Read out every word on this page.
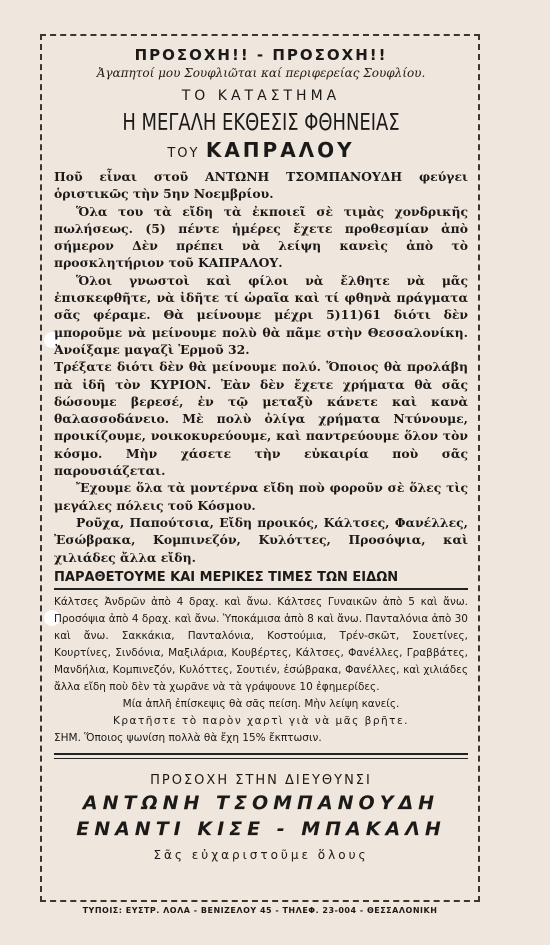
ΠΡΟΣΟΧΗ!! - ΠΡΟΣΟΧΗ!!

Ἀγαπητοί μου Σουφλιῶται καί περιφερείας Σουφλίου.

ΤΟ ΚΑΤΑΣΤΗΜΑ

Η ΜΕΓΑΛΗ ΕΚΘΕΣΙΣ ΦΘΗΝΕΙΑΣ

ΤΟΥ ΚΑΠΡΑΛΟΥ

Ποῦ εἶναι στοῦ ΑΝΤΩΝΗ ΤΣΟΜΠΑΝΟΥΔΗ φεύγει ὁριστικῶς τὴν 5ην Νοεμβρίου.

Ὅλα του τὰ εἴδη τὰ ἐκποιεῖ σὲ τιμὰς χονδρικῆς πωλήσεως. (5) πέντε ἡμέρες ἔχετε προθεσμίαν ἀπὸ σήμερον Δὲν πρέπει νὰ λείψη κανεὶς ἀπὸ τὸ προσκλητήριον τοῦ ΚΑΠΡΑΛΟΥ.

Ὅλοι γνωστοὶ καὶ φίλοι νὰ ἔλθητε νὰ μᾶς ἐπισκεφθῆτε, νὰ ἰδῆτε τί ὡραῖα καὶ τί φθηνὰ πράγματα σᾶς φέραμε. Θὰ μείνουμε μέχρι 5)11)61 διότι δὲν μποροῦμε νὰ μείνουμε πολὺ θὰ πᾶμε στὴν Θεσσαλονίκη. Ἀνοίξαμε μαγαζὶ Ἑρμοῦ 32.

Τρέξατε διότι δὲν θὰ μείνουμε πολύ. Ὅποιος θὰ προλάβη πὰ ἰδῆ τὸν ΚΥΡΙΟΝ. Ἐὰν δὲν ἔχετε χρήματα θὰ σᾶς δώσουμε βερεσέ, ἐν τῷ μεταξὺ κάνετε καὶ κανὰ θαλασσοδάνειο. Μὲ πολὺ ὀλίγα χρήματα Ντύνουμε, προικίζουμε, νοικοκυρεύουμε, καὶ παντρεύουμε ὅλον τὸν κόσμο. Μὴν χάσετε τὴν εὐκαιρία ποὺ σᾶς παρουσιάζεται.

Ἔχουμε ὅλα τὰ μοντέρνα εἴδη ποὺ φοροῦν σὲ ὅλες τὶς μεγάλες πόλεις τοῦ Κόσμου.

Ροῦχα, Παπούτσια, Εἴδη προικός, Κάλτσες, Φανέλλες, Ἐσώβρακα, Κομπινεζόν, Κυλόττες, Προσόψια, καὶ χιλιάδες ἄλλα εἴδη.

ΠΑΡΑΘΕΤΟΥΜΕ ΚΑΙ ΜΕΡΙΚΕΣ ΤΙΜΕΣ ΤΩΝ ΕΙΔΩΝ

Κάλτσες Ἀνδρῶν ἀπὸ 4 δραχ. καὶ ἄνω. Κάλτσες Γυναικῶν ἀπὸ 5 καὶ ἄνω. Προσόψια ἀπὸ 4 δραχ. καὶ ἄνω. Ὑποκάμισα ἀπὸ 8 καὶ ἄνω. Πανταλόνια ἀπὸ 30 καὶ ἄνω. Σακκάκια, Πανταλόνια, Κοστούμια, Τρέν-σκῶτ, Σουετίνες, Κουρτίνες, Σινδόνια, Μαξιλάρια, Κουβέρτες, Κάλτσες, Φανέλλες, Γραββάτες, Μανδήλια, Κομπινεζόν, Κυλόττες, Σουτιέν, ἐσώβρακα, Φανέλλες, καὶ χιλιάδες ἄλλα εἴδη ποὺ δὲν τὰ χωρᾶνε νὰ τὰ γράψουνε 10 ἐφημερίδες.

Μία ἁπλῆ ἐπίσκεψις θὰ σᾶς πείση. Μὴν λείψη κανείς.

Κρατῆστε τὸ παρὸν χαρτὶ γιὰ νὰ μᾶς βρῆτε.

ΣΗΜ. Ὅποιος ψωνίση πολλὰ θὰ ἔχη 15% ἔκπτωσιν.

ΠΡΟΣΟΧΗ ΣΤΗΝ ΔΙΕΥΘΥΝΣΙ

ΑΝΤΩΝΗ ΤΣΟΜΠΑΝΟΥΔΗ

ΕΝΑΝΤΙ ΚΙΣΕ - ΜΠΑΚΑΛΗ

Σᾶς εὐχαριστοῦμε ὅλους

ΤΥΠΟΙΣ: ΕΥΣΤΡ. ΛΟΛΑ - ΒΕΝΙΖΕΛΟΥ 45 - ΤΗΛΕΦ. 23-004 - ΘΕΣΣΑΛΟΝΙΚΗ
